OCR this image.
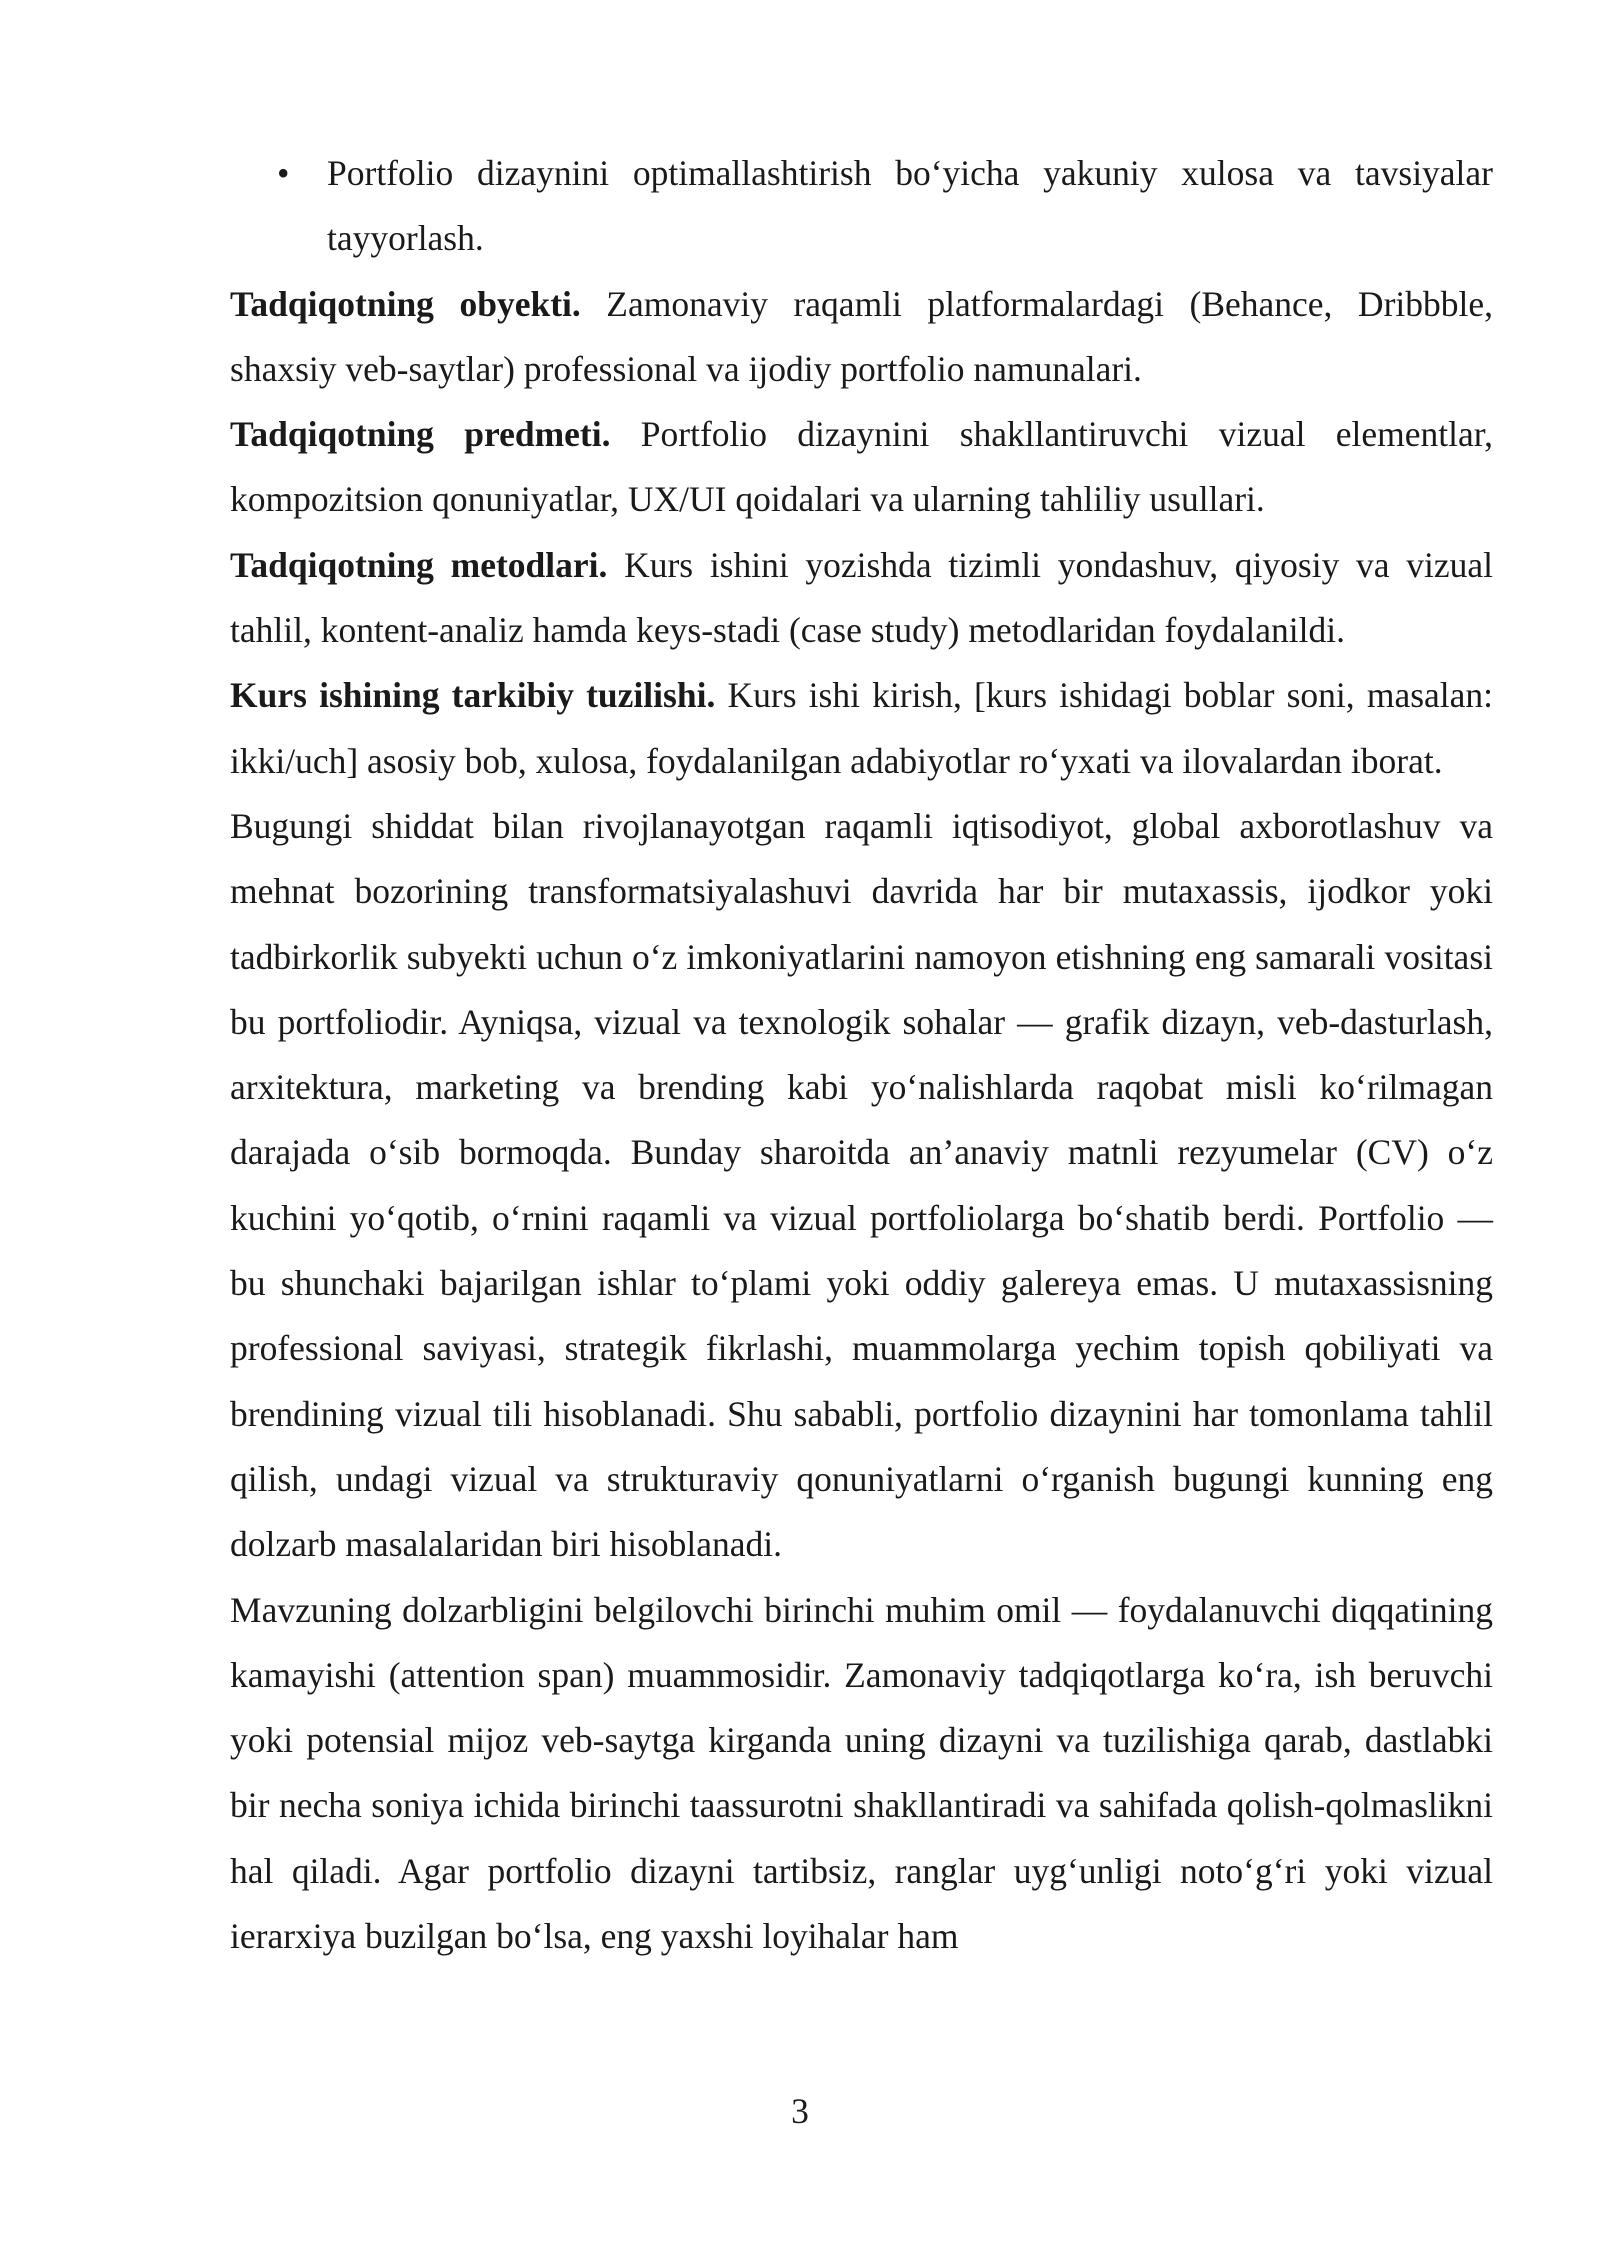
• Portfolio dizaynini optimallashtirish bo‘yicha yakuniy xulosa va tavsiyalar tayyorlash.

Tadqiqotning obyekti. Zamonaviy raqamli platformalardagi (Behance, Dribbble, shaxsiy veb-saytlar) professional va ijodiy portfolio namunalari.

Tadqiqotning predmeti. Portfolio dizaynini shakllantiruvchi vizual elementlar, kompozitsion qonuniyatlar, UX/UI qoidalari va ularning tahliliy usullari.

Tadqiqotning metodlari. Kurs ishini yozishda tizimli yondashuv, qiyosiy va vizual tahlil, kontent-analiz hamda keys-stadi (case study) metodlaridan foydalanildi.

Kurs ishining tarkibiy tuzilishi. Kurs ishi kirish, [kurs ishidagi boblar soni, masalan: ikki/uch] asosiy bob, xulosa, foydalanilgan adabiyotlar ro‘yxati va ilovalardan iborat.

Bugungi shiddat bilan rivojlanayotgan raqamli iqtisodiyot, global axborotlashuv va mehnat bozorining transformatsiyalashuvi davrida har bir mutaxassis, ijodkor yoki tadbirkorlik subyekti uchun o‘z imkoniyatlarini namoyon etishning eng samarali vositasi bu portfoliodir. Ayniqsa, vizual va texnologik sohalar — grafik dizayn, veb-dasturlash, arxitektura, marketing va brending kabi yo‘nalishlarda raqobat misli ko‘rilmagan darajada o‘sib bormoqda. Bunday sharoitda an’anaviy matnli rezyumelar (CV) o‘z kuchini yo‘qotib, o‘rnini raqamli va vizual portfoliolarga bo‘shatib berdi. Portfolio — bu shunchaki bajarilgan ishlar to‘plami yoki oddiy galereya emas. U mutaxassisning professional saviyasi, strategik fikrlashi, muammolarga yechim topish qobiliyati va brendining vizual tili hisoblanadi. Shu sababli, portfolio dizaynini har tomonlama tahlil qilish, undagi vizual va strukturaviy qonuniyatlarni o‘rganish bugungi kunning eng dolzarb masalalaridan biri hisoblanadi.

Mavzuning dolzarbligini belgilovchi birinchi muhim omil — foydalanuvchi diqqatining kamayishi (attention span) muammosidir. Zamonaviy tadqiqotlarga ko‘ra, ish beruvchi yoki potensial mijoz veb-saytga kirganda uning dizayni va tuzilishiga qarab, dastlabki bir necha soniya ichida birinchi taassurotni shakllantiradi va sahifada qolish-qolmaslikni hal qiladi. Agar portfolio dizayni tartibsiz, ranglar uyg‘unligi noto‘g‘ri yoki vizual ierarxiya buzilgan bo‘lsa, eng yaxshi loyihalar ham

3
